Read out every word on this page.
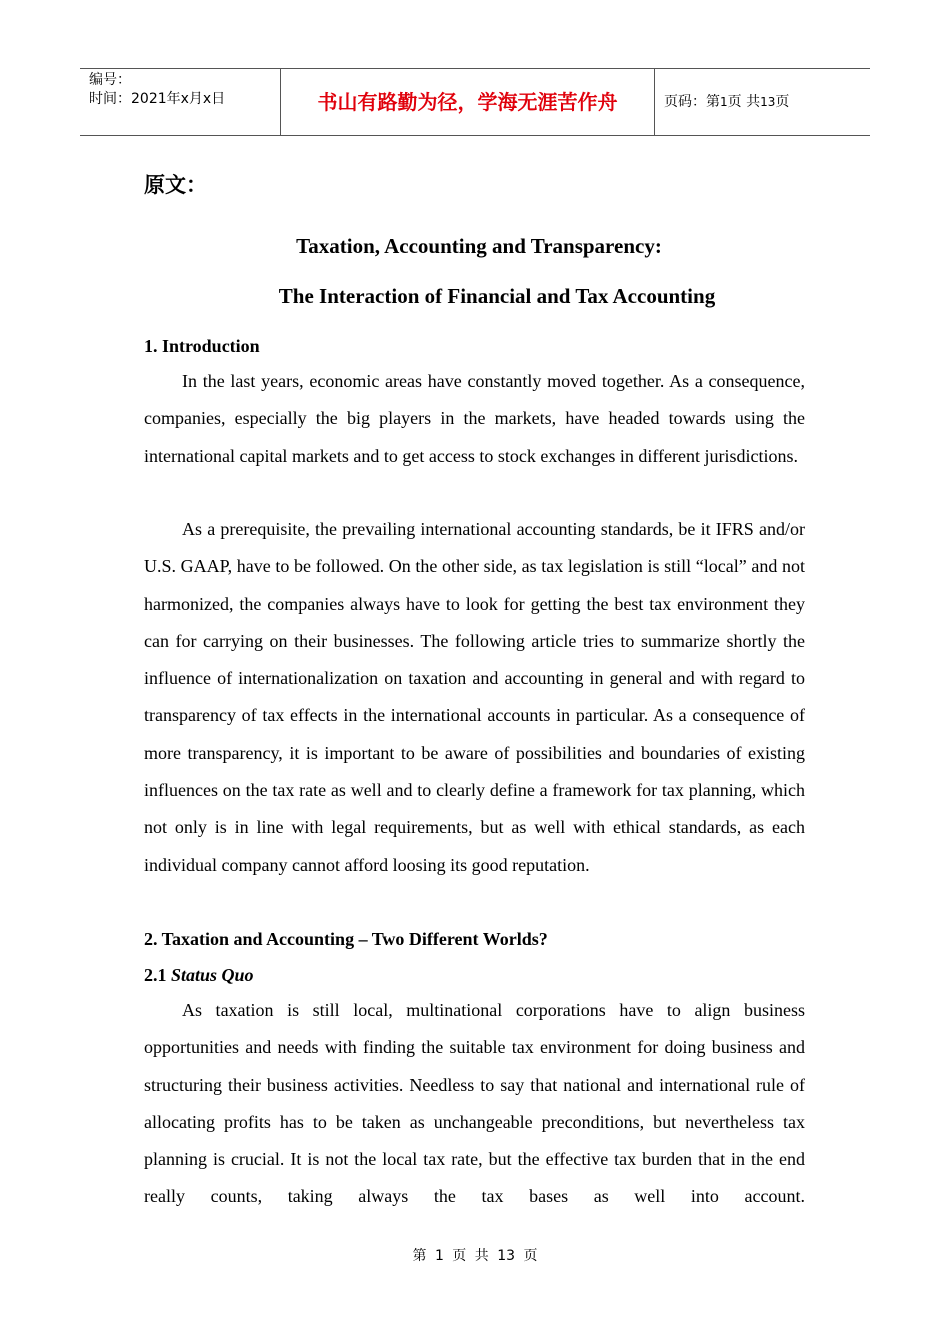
编号：
时间：2021年x月x日	书山有路勤为径，学海无涯苦作舟	页码：第1页 共13页
原文：
Taxation, Accounting and Transparency:
The Interaction of Financial and Tax Accounting
1. Introduction

In the last years, economic areas have constantly moved together. As a consequence, companies, especially the big players in the markets, have headed towards using the international capital markets and to get access to stock exchanges in different jurisdictions.

As a prerequisite, the prevailing international accounting standards, be it IFRS and/or U.S. GAAP, have to be followed. On the other side, as tax legislation is still “local” and not harmonized, the companies always have to look for getting the best tax environment they can for carrying on their businesses. The following article tries to summarize shortly the influence of internationalization on taxation and accounting in general and with regard to transparency of tax effects in the international accounts in particular. As a consequence of more transparency, it is important to be aware of possibilities and boundaries of existing influences on the tax rate as well and to clearly define a framework for tax planning, which not only is in line with legal requirements, but as well with ethical standards, as each individual company cannot afford loosing its good reputation.

2. Taxation and Accounting – Two Different Worlds?
2.1 Status Quo

As taxation is still local, multinational corporations have to align business opportunities and needs with finding the suitable tax environment for doing business and structuring their business activities. Needless to say that national and international rule of allocating profits has to be taken as unchangeable preconditions, but nevertheless tax planning is crucial. It is not the local tax rate, but the effective tax burden that in the end really counts, taking always the tax bases as well into account.

第 1 页 共 13 页
